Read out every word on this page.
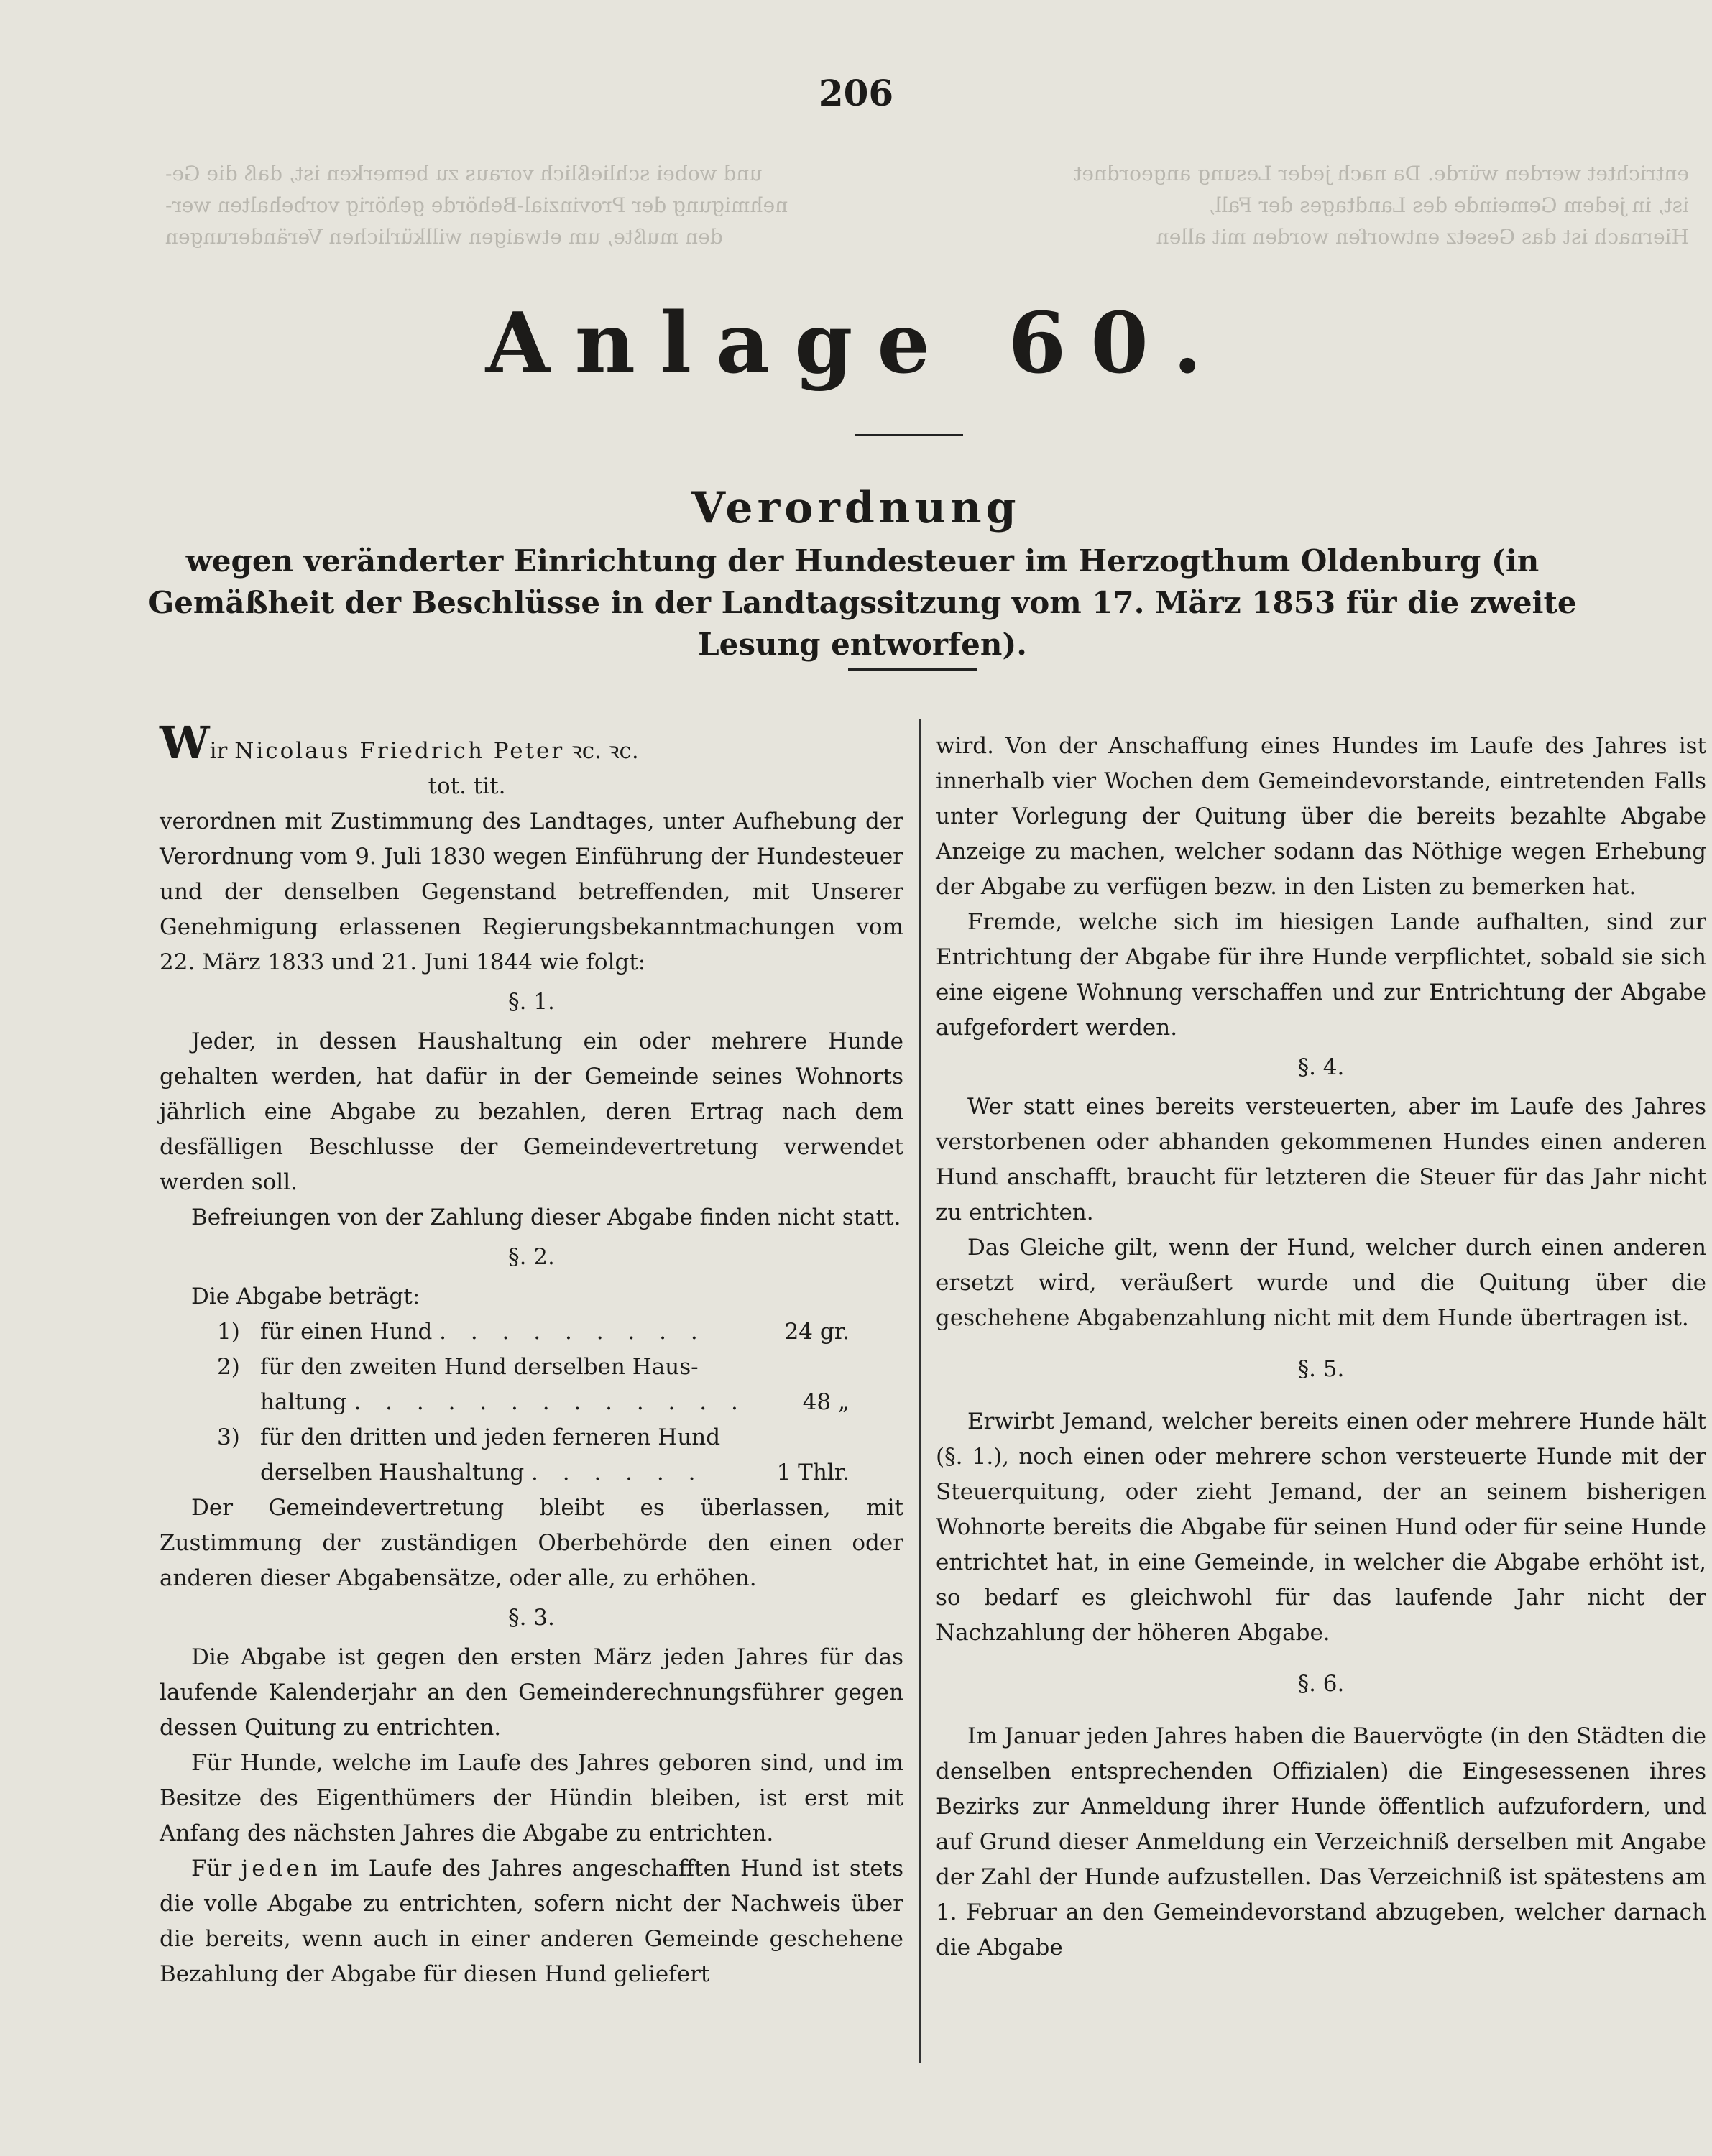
und wobei schließlich voraus zu bemerken ist, daß die Ge-
nehmigung der Provinzial-Behörde gehörig vorbehalten wer-
den mußte, um etwaigen willkürlichen Veränderungen
entrichtet werden würde. Da nach jeder Lesung angeordnet
ist, in jedem Gemeinde des Landtages der Fall,
Hiernach ist das Gesetz entworfen worden mit allen
206
Anlage 60.
Verordnung
wegen veränderter Einrichtung der Hundesteuer im Herzogthum Oldenburg (in Gemäßheit der Beschlüsse in der Landtagssitzung vom 17. März 1853 für die zweite Lesung entworfen).

Wir Nicolaus Friedrich Peter ꝛc. ꝛc.

tot. tit.

verordnen mit Zustimmung des Landtages, unter Aufhebung der Verordnung vom 9. Juli 1830 wegen Einführung der Hundesteuer und der denselben Gegenstand betreffenden, mit Unserer Genehmigung erlassenen Regierungsbekanntmachungen vom 22. März 1833 und 21. Juni 1844 wie folgt:

§. 1.

Jeder, in dessen Haushaltung ein oder mehrere Hunde gehalten werden, hat dafür in der Gemeinde seines Wohnorts jährlich eine Abgabe zu bezahlen, deren Ertrag nach dem desfälligen Beschlusse der Gemeindevertretung verwendet werden soll.

Befreiungen von der Zahlung dieser Abgabe finden nicht statt.

§. 2.

Die Abgabe beträgt:

1) für einen Hund . . . . . . . . .	24 gr.
2) für den zweiten Hund derselben Haus-
haltung . . . . . . . . . . . . .	48 „
3) für den dritten und jeden ferneren Hund
derselben Haushaltung . . . . . .	1 Thlr.

Der Gemeindevertretung bleibt es überlassen, mit Zustimmung der zuständigen Oberbehörde den einen oder anderen dieser Abgabensätze, oder alle, zu erhöhen.

§. 3.

Die Abgabe ist gegen den ersten März jeden Jahres für das laufende Kalenderjahr an den Gemeinderechnungsführer gegen dessen Quitung zu entrichten.

Für Hunde, welche im Laufe des Jahres geboren sind, und im Besitze des Eigenthümers der Hündin bleiben, ist erst mit Anfang des nächsten Jahres die Abgabe zu entrichten.

Für jeden im Laufe des Jahres angeschafften Hund ist stets die volle Abgabe zu entrichten, sofern nicht der Nachweis über die bereits, wenn auch in einer anderen Gemeinde geschehene Bezahlung der Abgabe für diesen Hund geliefert

wird. Von der Anschaffung eines Hundes im Laufe des Jahres ist innerhalb vier Wochen dem Gemeindevorstande, eintretenden Falls unter Vorlegung der Quitung über die bereits bezahlte Abgabe Anzeige zu machen, welcher sodann das Nöthige wegen Erhebung der Abgabe zu verfügen bezw. in den Listen zu bemerken hat.

Fremde, welche sich im hiesigen Lande aufhalten, sind zur Entrichtung der Abgabe für ihre Hunde verpflichtet, sobald sie sich eine eigene Wohnung verschaffen und zur Entrichtung der Abgabe aufgefordert werden.

§. 4.

Wer statt eines bereits versteuerten, aber im Laufe des Jahres verstorbenen oder abhanden gekommenen Hundes einen anderen Hund anschafft, braucht für letzteren die Steuer für das Jahr nicht zu entrichten.

Das Gleiche gilt, wenn der Hund, welcher durch einen anderen ersetzt wird, veräußert wurde und die Quitung über die geschehene Abgabenzahlung nicht mit dem Hunde übertragen ist.

§. 5.

Erwirbt Jemand, welcher bereits einen oder mehrere Hunde hält (§. 1.), noch einen oder mehrere schon versteuerte Hunde mit der Steuerquitung, oder zieht Jemand, der an seinem bisherigen Wohnorte bereits die Abgabe für seinen Hund oder für seine Hunde entrichtet hat, in eine Gemeinde, in welcher die Abgabe erhöht ist, so bedarf es gleichwohl für das laufende Jahr nicht der Nachzahlung der höheren Abgabe.

§. 6.

Im Januar jeden Jahres haben die Bauervögte (in den Städten die denselben entsprechenden Offizialen) die Eingesessenen ihres Bezirks zur Anmeldung ihrer Hunde öffentlich aufzufordern, und auf Grund dieser Anmeldung ein Verzeichniß derselben mit Angabe der Zahl der Hunde aufzustellen. Das Verzeichniß ist spätestens am 1. Februar an den Gemeindevorstand abzugeben, welcher darnach die Abgabe
